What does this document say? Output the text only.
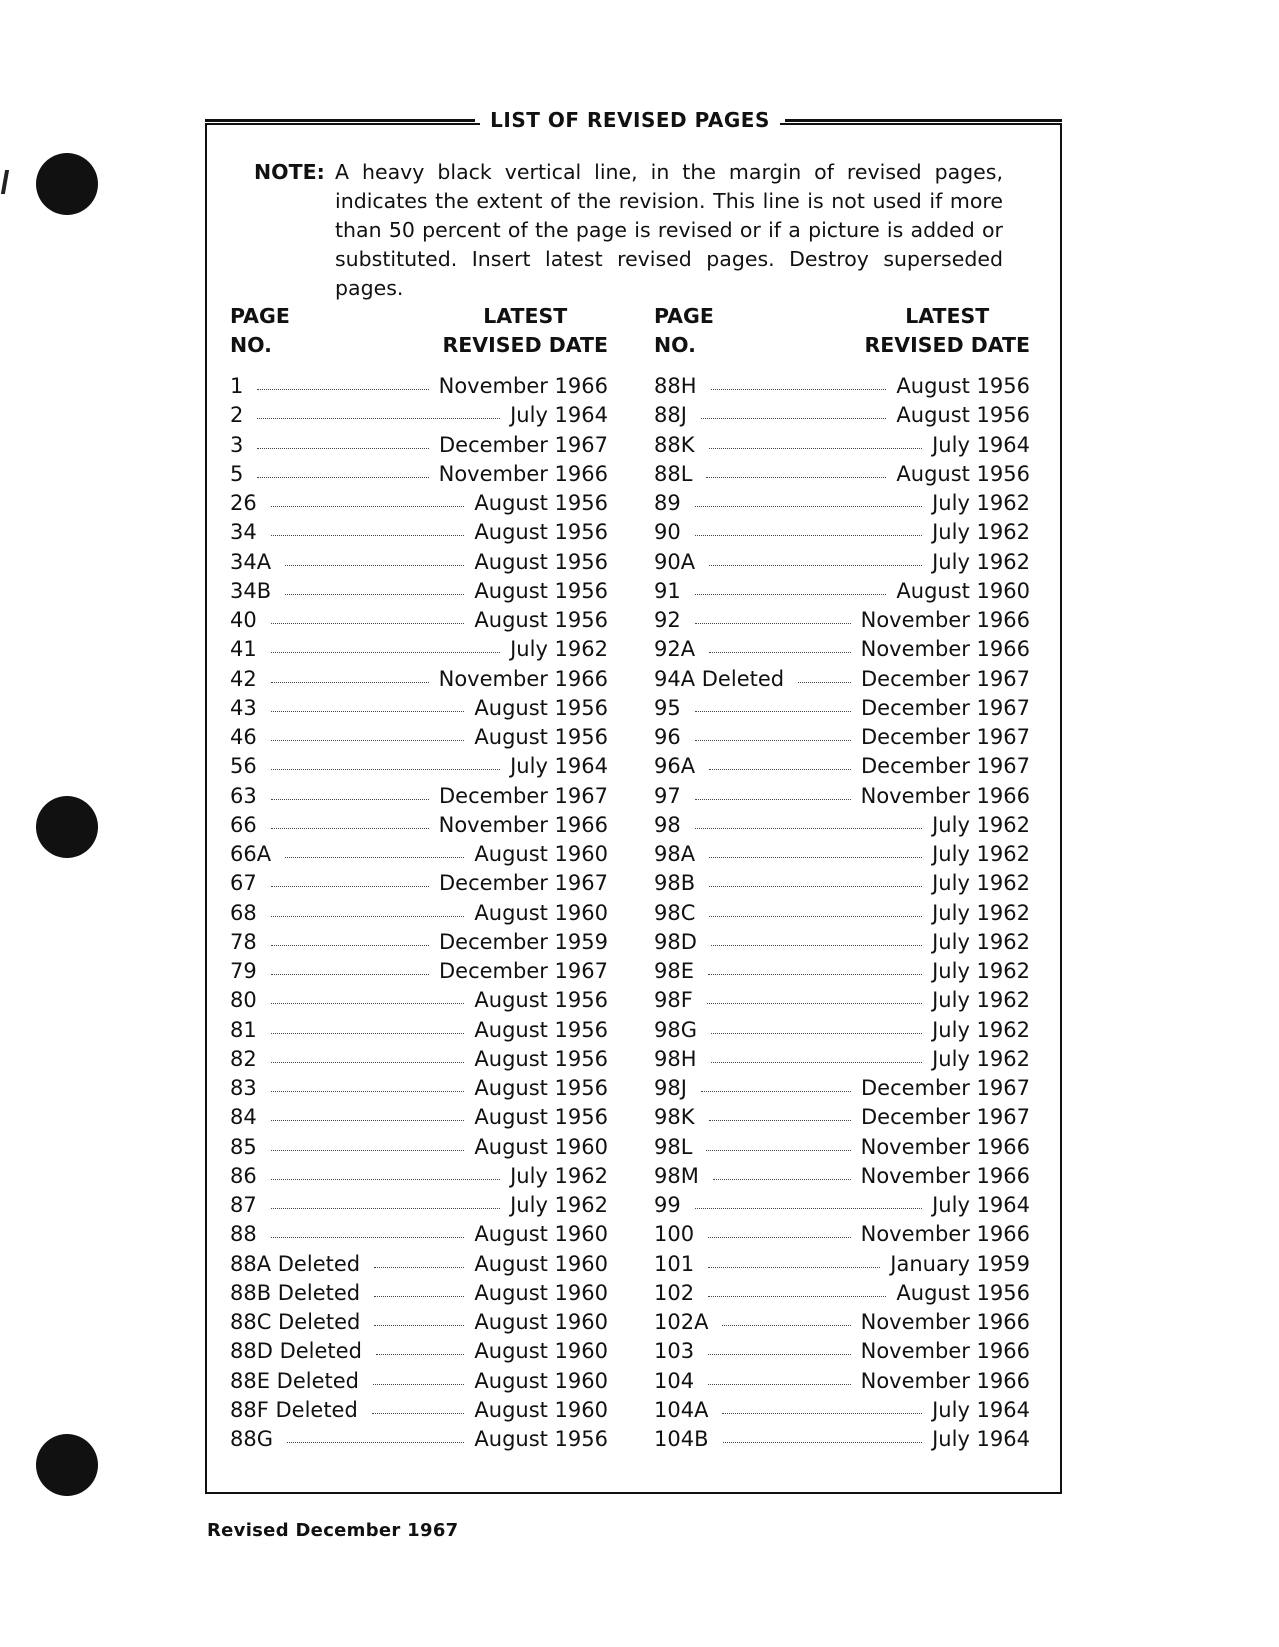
LIST OF REVISED PAGES
NOTE: A heavy black vertical line, in the margin of revised pages, indicates the extent of the revision. This line is not used if more than 50 percent of the page is revised or if a picture is added or substituted. Insert latest revised pages. Destroy superseded pages.
PAGE
NO.
LATEST
REVISED DATE
1	November 1966
2	July 1964
3	December 1967
5	November 1966
26	August 1956
34	August 1956
34A	August 1956
34B	August 1956
40	August 1956
41	July 1962
42	November 1966
43	August 1956
46	August 1956
56	July 1964
63	December 1967
66	November 1966
66A	August 1960
67	December 1967
68	August 1960
78	December 1959
79	December 1967
80	August 1956
81	August 1956
82	August 1956
83	August 1956
84	August 1956
85	August 1960
86	July 1962
87	July 1962
88	August 1960
88A Deleted	August 1960
88B Deleted	August 1960
88C Deleted	August 1960
88D Deleted	August 1960
88E Deleted	August 1960
88F Deleted	August 1960
88G	August 1956
PAGE
NO.
LATEST
REVISED DATE
88H	August 1956
88J	August 1956
88K	July 1964
88L	August 1956
89	July 1962
90	July 1962
90A	July 1962
91	August 1960
92	November 1966
92A	November 1966
94A Deleted	December 1967
95	December 1967
96	December 1967
96A	December 1967
97	November 1966
98	July 1962
98A	July 1962
98B	July 1962
98C	July 1962
98D	July 1962
98E	July 1962
98F	July 1962
98G	July 1962
98H	July 1962
98J	December 1967
98K	December 1967
98L	November 1966
98M	November 1966
99	July 1964
100	November 1966
101	January 1959
102	August 1956
102A	November 1966
103	November 1966
104	November 1966
104A	July 1964
104B	July 1964
Revised December 1967
